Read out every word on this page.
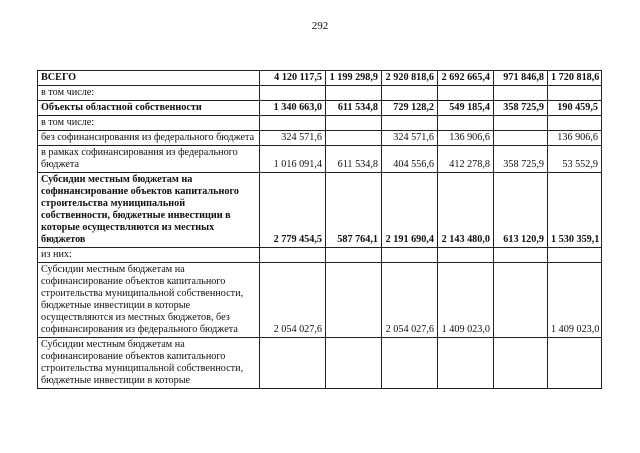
292
ВСЕГО	4 120 117,5	1 199 298,9	2 920 818,6	2 692 665,4	971 846,8	1 720 818,6
в том числе:						
Объекты областной собственности	1 340 663,0	611 534,8	729 128,2	549 185,4	358 725,9	190 459,5
в том числе:						
без софинансирования из федерального бюджета	324 571,6		324 571,6	136 906,6		136 906,6
в рамках софинансирования из федерального бюджета	1 016 091,4	611 534,8	404 556,6	412 278,8	358 725,9	53 552,9
Субсидии местным бюджетам на софинансирование объектов капитального строительства муниципальной собственности, бюджетные инвестиции в которые осуществляются из местных бюджетов	2 779 454,5	587 764,1	2 191 690,4	2 143 480,0	613 120,9	1 530 359,1
из них:						
Субсидии местным бюджетам на софинансирование объектов капитального строительства муниципальной собственности, бюджетные инвестиции в которые осуществляются из местных бюджетов, без софинансирования из федерального бюджета	2 054 027,6		2 054 027,6	1 409 023,0		1 409 023,0
Субсидии местным бюджетам на софинансирование объектов капитального строительства муниципальной собственности, бюджетные инвестиции в которые						
